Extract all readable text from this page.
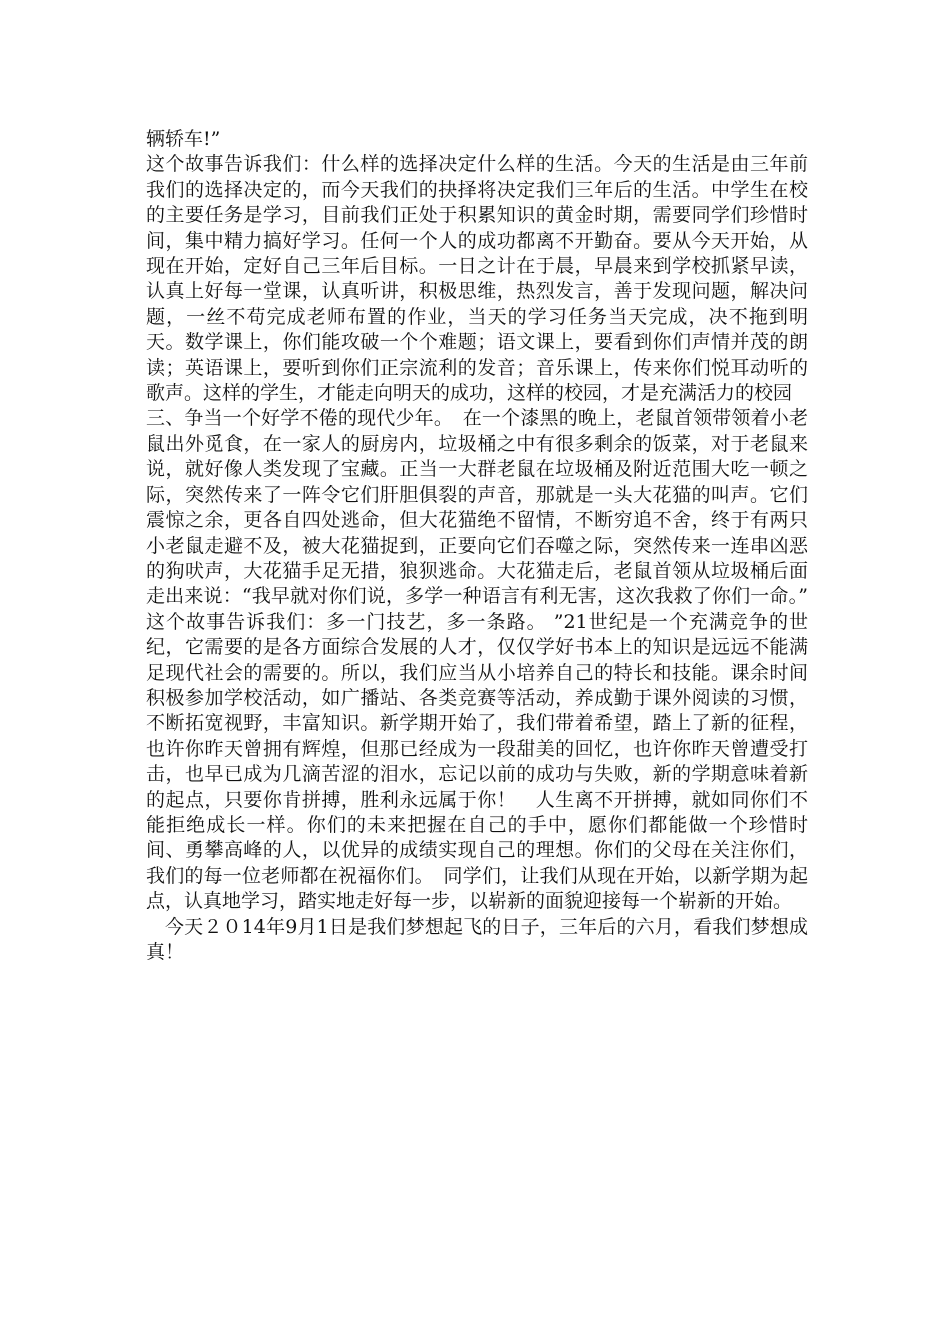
辆轿车!”

这个故事告诉我们：什么样的选择决定什么样的生活。今天的生活是由三年前我们的选择决定的，而今天我们的抉择将决定我们三年后的生活。中学生在校的主要任务是学习，目前我们正处于积累知识的黄金时期，需要同学们珍惜时间，集中精力搞好学习。任何一个人的成功都离不开勤奋。要从今天开始，从现在开始，定好自己三年后目标。一日之计在于晨，早晨来到学校抓紧早读，认真上好每一堂课，认真听讲，积极思维，热烈发言，善于发现问题，解决问题，一丝不苟完成老师布置的作业，当天的学习任务当天完成，决不拖到明天。数学课上，你们能攻破一个个难题；语文课上，要看到你们声情并茂的朗读；英语课上，要听到你们正宗流利的发音；音乐课上，传来你们悦耳动听的歌声。这样的学生，才能走向明天的成功，这样的校园，才是充满活力的校园

三、争当一个好学不倦的现代少年。　在一个漆黑的晚上，老鼠首领带领着小老鼠出外觅食，在一家人的厨房内，垃圾桶之中有很多剩余的饭菜，对于老鼠来说，就好像人类发现了宝藏。正当一大群老鼠在垃圾桶及附近范围大吃一顿之际，突然传来了一阵令它们肝胆俱裂的声音，那就是一头大花猫的叫声。它们震惊之余，更各自四处逃命，但大花猫绝不留情，不断穷追不舍，终于有两只小老鼠走避不及，被大花猫捉到，正要向它们吞噬之际，突然传来一连串凶恶的狗吠声，大花猫手足无措，狼狈逃命。大花猫走后，老鼠首领从垃圾桶后面走出来说：“我早就对你们说，多学一种语言有利无害，这次我救了你们一命。” 这个故事告诉我们：多一门技艺，多一条路。 ”21世纪是一个充满竞争的世纪，它需要的是各方面综合发展的人才，仅仅学好书本上的知识是远远不能满足现代社会的需要的。所以，我们应当从小培养自己的特长和技能。课余时间积极参加学校活动，如广播站、各类竞赛等活动，养成勤于课外阅读的习惯，不断拓宽视野，丰富知识。新学期开始了，我们带着希望，踏上了新的征程，也许你昨天曾拥有辉煌，但那已经成为一段甜美的回忆，也许你昨天曾遭受打击，也早已成为几滴苦涩的泪水，忘记以前的成功与失败，新的学期意味着新的起点，只要你肯拼搏，胜利永远属于你！　人生离不开拼搏，就如同你们不能拒绝成长一样。你们的未来把握在自己的手中，愿你们都能做一个珍惜时间、勇攀高峰的人，以优异的成绩实现自己的理想。你们的父母在关注你们，我们的每一位老师都在祝福你们。　同学们，让我们从现在开始，以新学期为起点，认真地学习，踏实地走好每一步，以崭新的面貌迎接每一个崭新的开始。

今天２０14年9月1日是我们梦想起飞的日子，三年后的六月，看我们梦想成真！
